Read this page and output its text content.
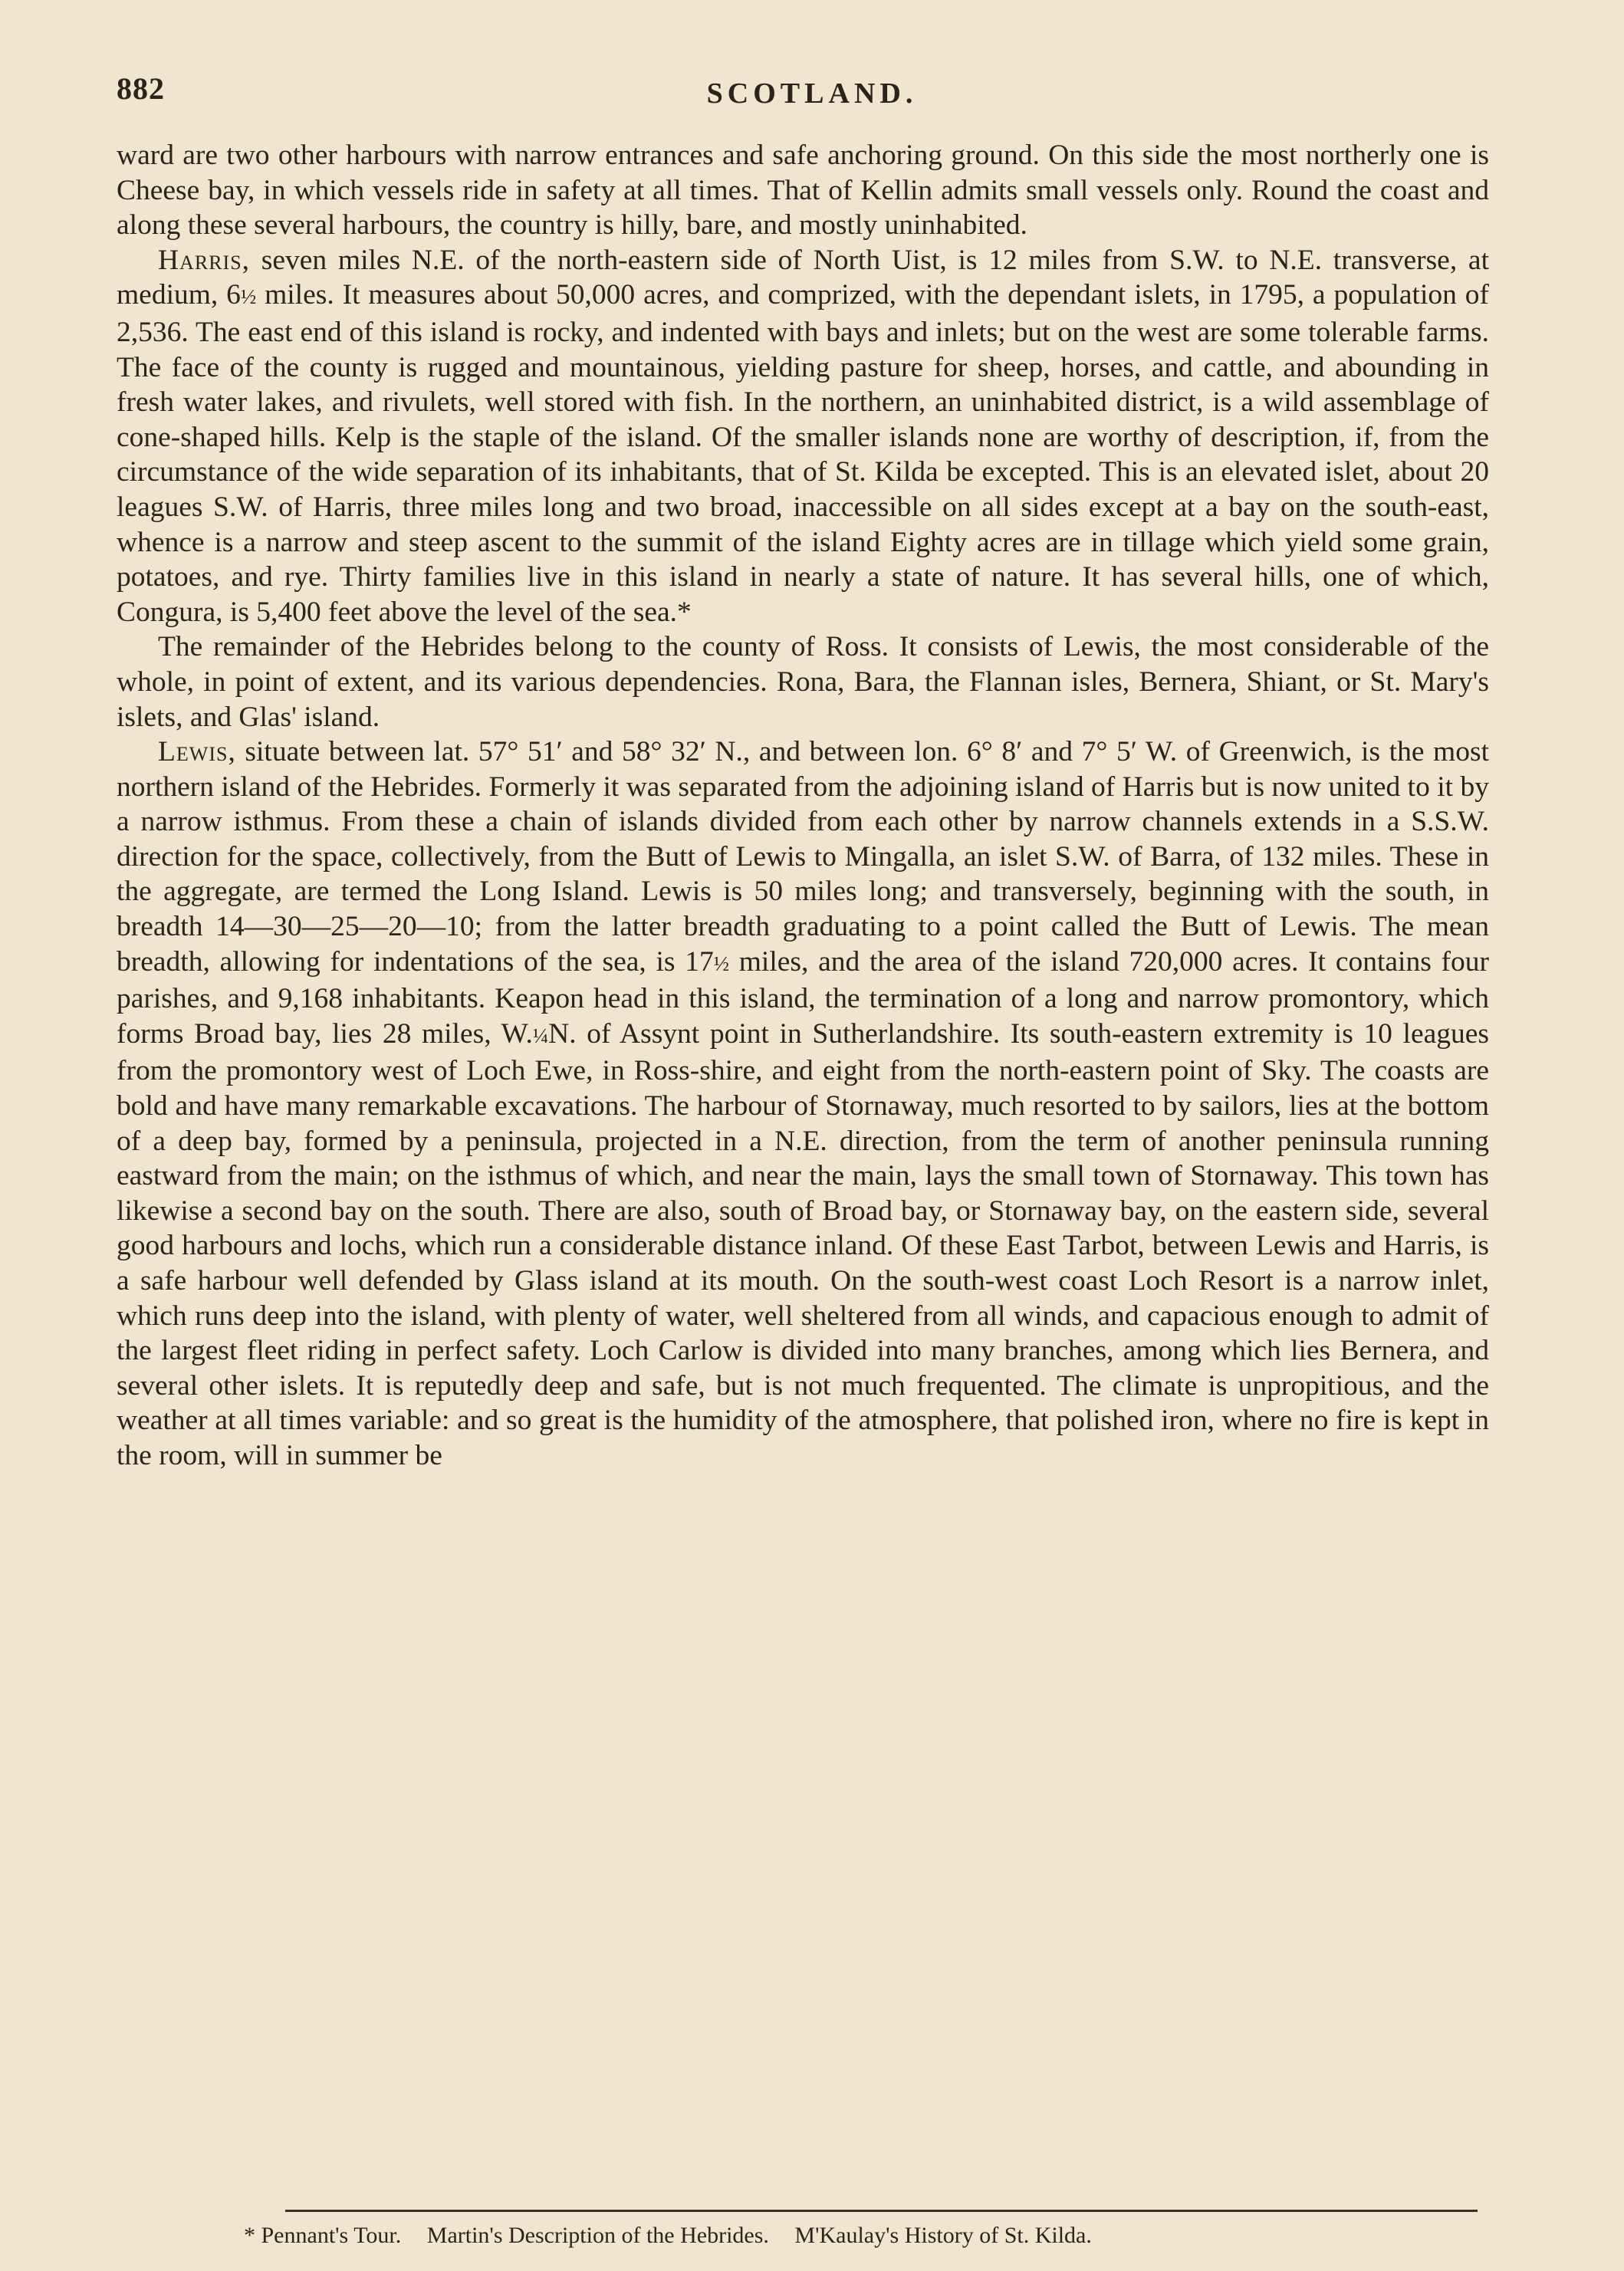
882	SCOTLAND.

ward are two other harbours with narrow entrances and safe anchoring ground. On this side the most northerly one is Cheese bay, in which vessels ride in safety at all times. That of Kellin admits small vessels only. Round the coast and along these several harbours, the country is hilly, bare, and mostly uninhabited.

Harris, seven miles N.E. of the north-eastern side of North Uist, is 12 miles from S.W. to N.E. transverse, at medium, 6½ miles. It measures about 50,000 acres, and comprized, with the dependant islets, in 1795, a population of 2,536. The east end of this island is rocky, and indented with bays and inlets; but on the west are some tolerable farms. The face of the county is rugged and mountainous, yielding pasture for sheep, horses, and cattle, and abounding in fresh water lakes, and rivulets, well stored with fish. In the northern, an uninhabited district, is a wild assemblage of cone-shaped hills. Kelp is the staple of the island. Of the smaller islands none are worthy of description, if, from the circumstance of the wide separation of its inhabitants, that of St. Kilda be excepted. This is an elevated islet, about 20 leagues S.W. of Harris, three miles long and two broad, inaccessible on all sides except at a bay on the south-east, whence is a narrow and steep ascent to the summit of the island Eighty acres are in tillage which yield some grain, potatoes, and rye. Thirty families live in this island in nearly a state of nature. It has several hills, one of which, Congura, is 5,400 feet above the level of the sea.*

The remainder of the Hebrides belong to the county of Ross. It consists of Lewis, the most considerable of the whole, in point of extent, and its various dependencies. Rona, Bara, the Flannan isles, Bernera, Shiant, or St. Mary's islets, and Glas' island.

Lewis, situate between lat. 57° 51′ and 58° 32′ N., and between lon. 6° 8′ and 7° 5′ W. of Greenwich, is the most northern island of the Hebrides. Formerly it was separated from the adjoining island of Harris but is now united to it by a narrow isthmus. From these a chain of islands divided from each other by narrow channels extends in a S.S.W. direction for the space, collectively, from the Butt of Lewis to Mingalla, an islet S.W. of Barra, of 132 miles. These in the aggregate, are termed the Long Island. Lewis is 50 miles long; and transversely, beginning with the south, in breadth 14—30—25—20—10; from the latter breadth graduating to a point called the Butt of Lewis. The mean breadth, allowing for indentations of the sea, is 17½ miles, and the area of the island 720,000 acres. It contains four parishes, and 9,168 inhabitants. Keapon head in this island, the termination of a long and narrow promontory, which forms Broad bay, lies 28 miles, W.¼N. of Assynt point in Sutherlandshire. Its south-eastern extremity is 10 leagues from the promontory west of Loch Ewe, in Ross-shire, and eight from the north-eastern point of Sky. The coasts are bold and have many remarkable excavations. The harbour of Stornaway, much resorted to by sailors, lies at the bottom of a deep bay, formed by a peninsula, projected in a N.E. direction, from the term of another peninsula running eastward from the main; on the isthmus of which, and near the main, lays the small town of Stornaway. This town has likewise a second bay on the south. There are also, south of Broad bay, or Stornaway bay, on the eastern side, several good harbours and lochs, which run a considerable distance inland. Of these East Tarbot, between Lewis and Harris, is a safe harbour well defended by Glass island at its mouth. On the south-west coast Loch Resort is a narrow inlet, which runs deep into the island, with plenty of water, well sheltered from all winds, and capacious enough to admit of the largest fleet riding in perfect safety. Loch Carlow is divided into many branches, among which lies Bernera, and several other islets. It is reputedly deep and safe, but is not much frequented. The climate is unpropitious, and the weather at all times variable: and so great is the humidity of the atmosphere, that polished iron, where no fire is kept in the room, will in summer be

* Pennant's Tour. Martin's Description of the Hebrides. M'Kaulay's History of St. Kilda.
